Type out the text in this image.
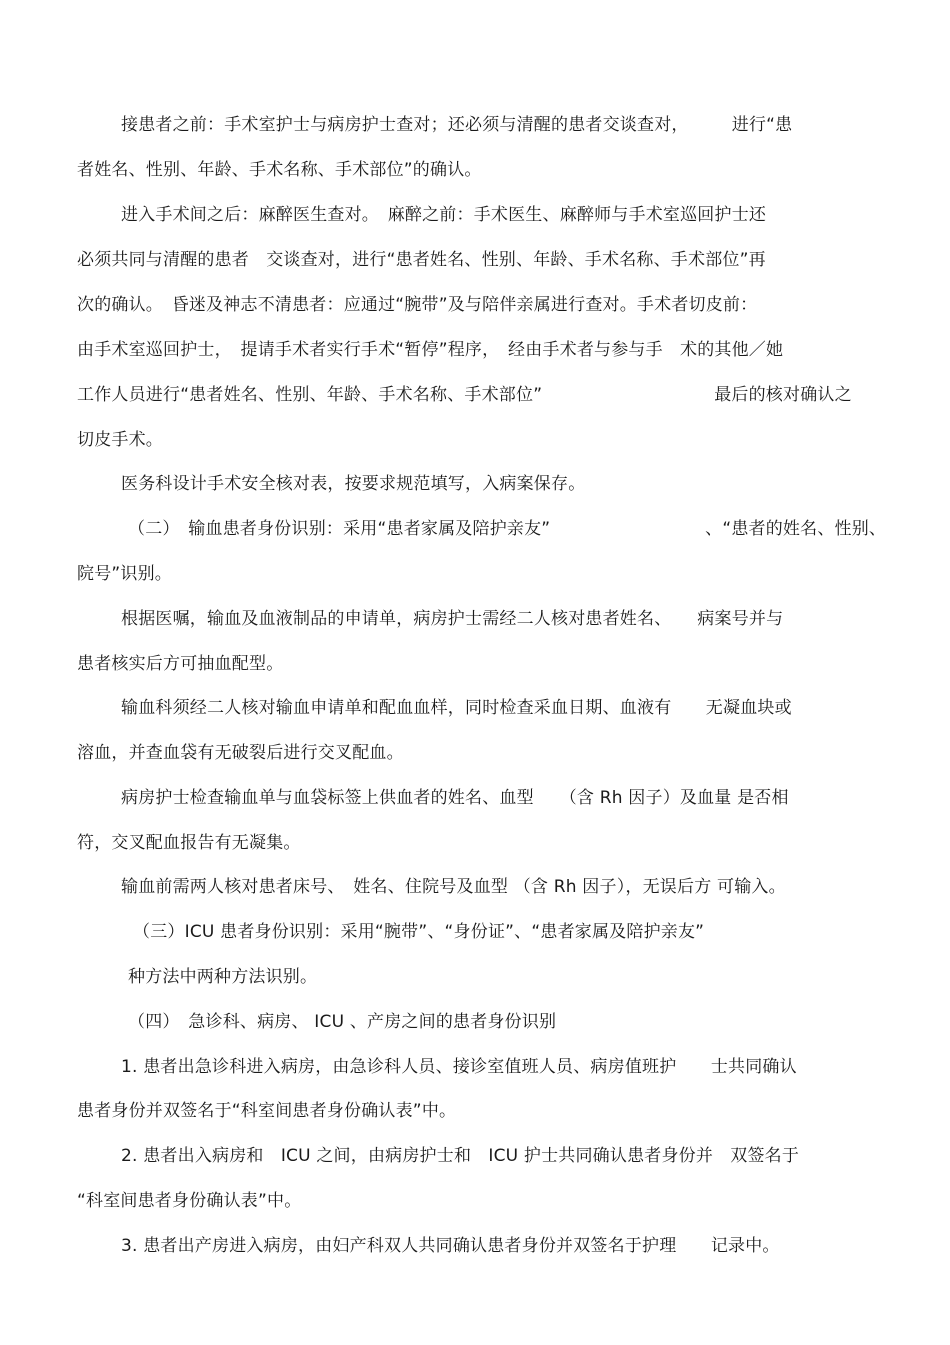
接患者之前：手术室护士与病房护士查对；还必须与清醒的患者交谈查对，　　　进行“患
者姓名、性别、年龄、手术名称、手术部位”的确认。
进入手术间之后：麻醉医生查对。　麻醉之前：手术医生、麻醉师与手术室巡回护士还
必须共同与清醒的患者　交谈查对，进行“患者姓名、性别、年龄、手术名称、手术部位”再
次的确认。　昏迷及神志不清患者：应通过“腕带”及与陪伴亲属进行查对。手术者切皮前：
由手术室巡回护士，　提请手术者实行手术“暂停”程序，　经由手术者与参与手　术的其他／她
工作人员进行“患者姓名、性别、年龄、手术名称、手术部位”　　　　　　　　　　最后的核对确认之
切皮手术。
医务科设计手术安全核对表，按要求规范填写，入病案保存。
（二）　输血患者身份识别：采用“患者家属及陪护亲友”　　　　　　　　　、“患者的姓名、性别、
院号”识别。
根据医嘱，输血及血液制品的申请单，病房护士需经二人核对患者姓名、　　病案号并与
患者核实后方可抽血配型。
输血科须经二人核对输血申请单和配血血样，同时检查采血日期、血液有　　无凝血块或
溶血，并查血袋有无破裂后进行交叉配血。
病房护士检查输血单与血袋标签上供血者的姓名、血型　　（含 Rh 因子）及血量 是否相
符，交叉配血报告有无凝集。
输血前需两人核对患者床号、　姓名、住院号及血型 （含 Rh 因子），无误后方 可输入。
（三）ICU 患者身份识别：采用“腕带”、“身份证”、“患者家属及陪护亲友”
种方法中两种方法识别。
（四）　急诊科、病房、 ICU 、产房之间的患者身份识别
1. 患者出急诊科进入病房，由急诊科人员、接诊室值班人员、病房值班护　　士共同确认
患者身份并双签名于“科室间患者身份确认表”中。
2. 患者出入病房和　ICU 之间，由病房护士和　ICU 护士共同确认患者身份并　双签名于
“科室间患者身份确认表”中。
3. 患者出产房进入病房，由妇产科双人共同确认患者身份并双签名于护理　　记录中。
